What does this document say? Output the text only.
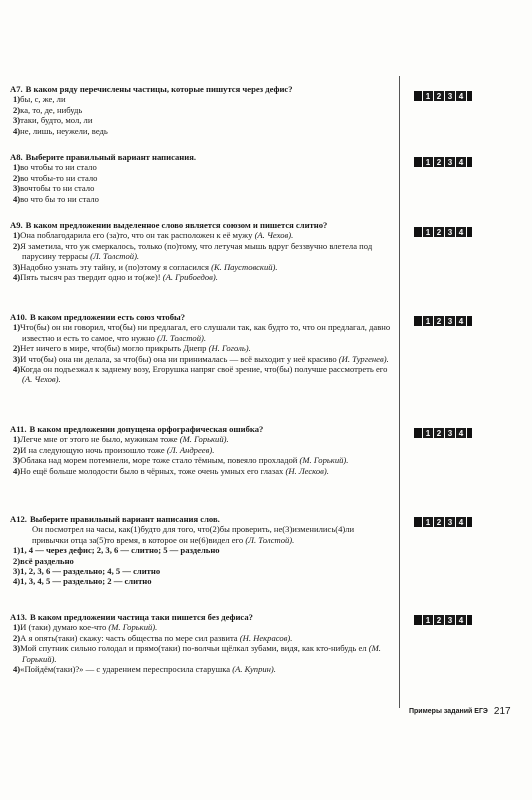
А7. В каком ряду перечислены частицы, которые пишутся через дефис?
1)бы, с, же, ли
2)ка, то, де, нибудь
3)таки, будто, мол, ли
4)не, лишь, неужели, ведь
А8. Выберите правильный вариант написания.
1)во чтобы то ни стало
2)во чтобы-то ни стало
3)вочтобы то ни стало
4)во что бы то ни стало
А9. В каком предложении выделенное слово является союзом и пишется слитно?
1)Она поблагодарила его (за)то, что он так расположен к её мужу (А. Чехов).
2)Я заметила, что уж смеркалось, только (по)тому, что летучая мышь вдруг беззвучно влетела под парусину террасы (Л. Толстой).
3)Надобно узнать эту тайну, и (по)этому я согласился (К. Паустовский).
4)Пять тысяч раз твердит одно и то(же)! (А. Грибоедов).
А10. В каком предложении есть союз чтобы?
1)Что(бы) он ни говорил, что(бы) ни предлагал, его слушали так, как будто то, что он предлагал, давно известно и есть то самое, что нужно (Л. Толстой).
2)Нет ничего в мире, что(бы) могло прикрыть Днепр (Н. Гоголь).
3)И что(бы) она ни делала, за что(бы) она ни принималась — всё выходит у неё красиво (И. Тургенев).
4)Когда он подъезжал к заднему возу, Егорушка напряг своё зрение, что(бы) получше рассмотреть его (А. Чехов).
А11. В каком предложении допущена орфографическая ошибка?
1)Легче мне от этого не было, мужикам тоже (М. Горький).
2)И на следующую ночь произошло тоже (Л. Андреев).
3)Облака над морем потемнели, море тоже стало тёмным, повеяло прохладой (М. Горький).
4)Но ещё больше молодости было в чёрных, тоже очень умных его глазах (Н. Лесков).
А12. Выберите правильный вариант написания слов.
Он посмотрел на часы, как(1)будто для того, что(2)бы проверить, не(3)изменились(4)ли привычки отца за(5)то время, в которое он не(6)видел его (Л. Толстой).
1)1, 4 — через дефис; 2, 3, 6 — слитно; 5 — раздельно
2)всё раздельно
3)1, 2, 3, 6 — раздельно; 4, 5 — слитно
4)1, 3, 4, 5 — раздельно; 2 — слитно
А13. В каком предложении частица таки пишется без дефиса?
1)И (таки) думаю кое-что (М. Горький).
2)А я опять(таки) скажу: часть общества по мере сил развита (Н. Некрасов).
3)Мой спутник сильно голодал и прямо(таки) по-волчьи щёлкал зубами, видя, как кто-нибудь ел (М. Горький).
4)«Пойдём(таки)?» — с ударением переспросила старушка (А. Куприн).
1 2 3 4
1 2 3 4
1 2 3 4
1 2 3 4
1 2 3 4
1 2 3 4
1 2 3 4
Примеры заданий ЕГЭ 217
